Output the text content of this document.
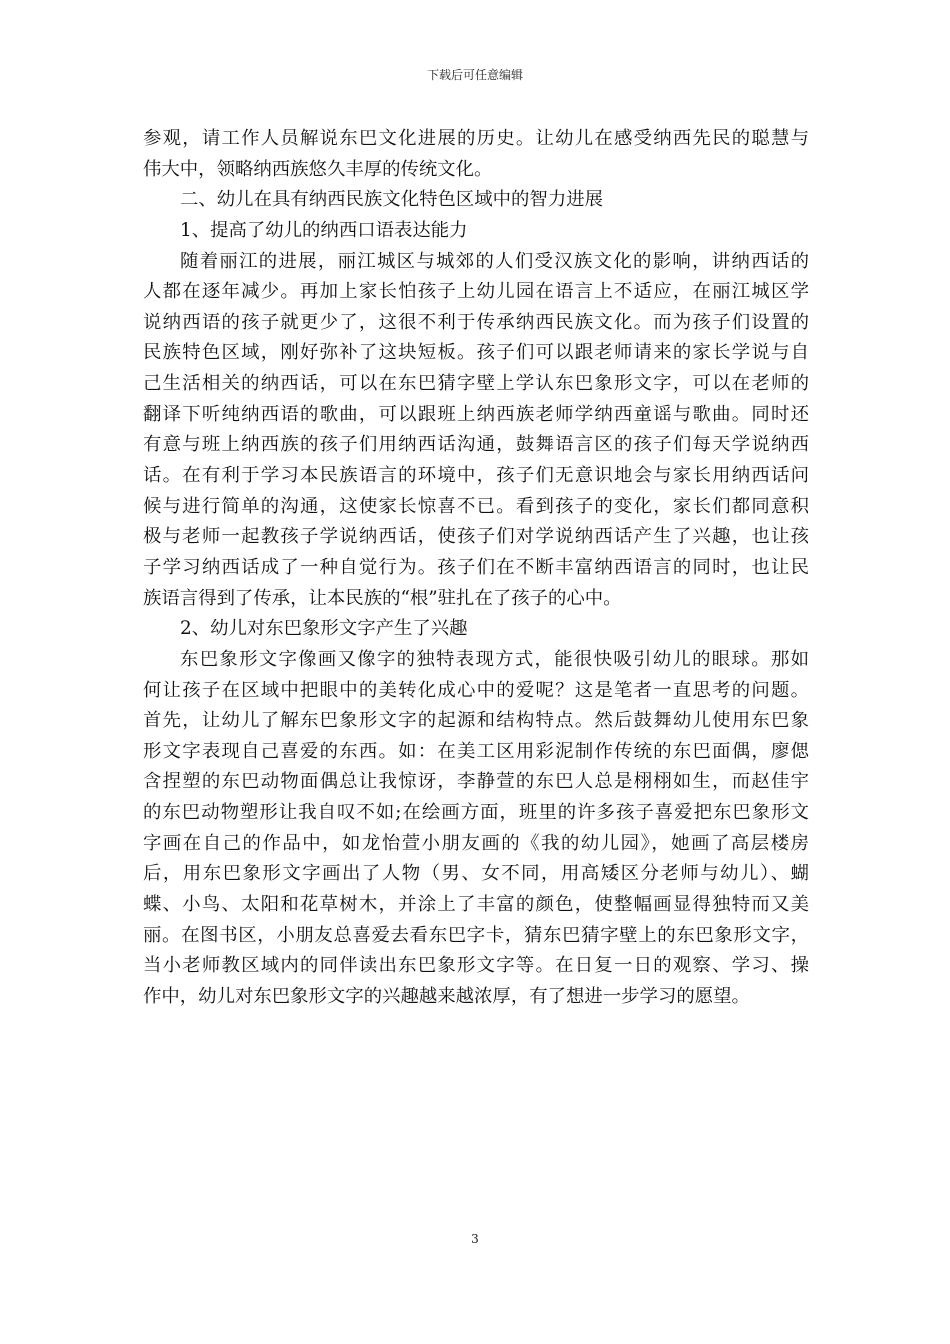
下载后可任意编辑
参观，请工作人员解说东巴文化进展的历史。让幼儿在感受纳西先民的聪慧与
伟大中，领略纳西族悠久丰厚的传统文化。
二、幼儿在具有纳西民族文化特色区域中的智力进展
1、提高了幼儿的纳西口语表达能力
随着丽江的进展，丽江城区与城郊的人们受汉族文化的影响，讲纳西话的
人都在逐年减少。再加上家长怕孩子上幼儿园在语言上不适应，在丽江城区学
说纳西语的孩子就更少了，这很不利于传承纳西民族文化。而为孩子们设置的
民族特色区域，刚好弥补了这块短板。孩子们可以跟老师请来的家长学说与自
己生活相关的纳西话，可以在东巴猜字壁上学认东巴象形文字，可以在老师的
翻译下听纯纳西语的歌曲，可以跟班上纳西族老师学纳西童谣与歌曲。同时还
有意与班上纳西族的孩子们用纳西话沟通，鼓舞语言区的孩子们每天学说纳西
话。在有利于学习本民族语言的环境中，孩子们无意识地会与家长用纳西话问
候与进行简单的沟通，这使家长惊喜不已。看到孩子的变化，家长们都同意积
极与老师一起教孩子学说纳西话，使孩子们对学说纳西话产生了兴趣，也让孩
子学习纳西话成了一种自觉行为。孩子们在不断丰富纳西语言的同时，也让民
族语言得到了传承，让本民族的“根”驻扎在了孩子的心中。
2、幼儿对东巴象形文字产生了兴趣
东巴象形文字像画又像字的独特表现方式，能很快吸引幼儿的眼球。那如
何让孩子在区域中把眼中的美转化成心中的爱呢？这是笔者一直思考的问题。
首先，让幼儿了解东巴象形文字的起源和结构特点。然后鼓舞幼儿使用东巴象
形文字表现自己喜爱的东西。如：在美工区用彩泥制作传统的东巴面偶，廖偲
含捏塑的东巴动物面偶总让我惊讶，李静萱的东巴人总是栩栩如生，而赵佳宇
的东巴动物塑形让我自叹不如;在绘画方面，班里的许多孩子喜爱把东巴象形文
字画在自己的作品中，如龙怡萱小朋友画的《我的幼儿园》，她画了高层楼房
后，用东巴象形文字画出了人物（男、女不同，用高矮区分老师与幼儿）、蝴
蝶、小鸟、太阳和花草树木，并涂上了丰富的颜色，使整幅画显得独特而又美
丽。在图书区，小朋友总喜爱去看东巴字卡，猜东巴猜字壁上的东巴象形文字，
当小老师教区域内的同伴读出东巴象形文字等。在日复一日的观察、学习、操
作中，幼儿对东巴象形文字的兴趣越来越浓厚，有了想进一步学习的愿望。
3
